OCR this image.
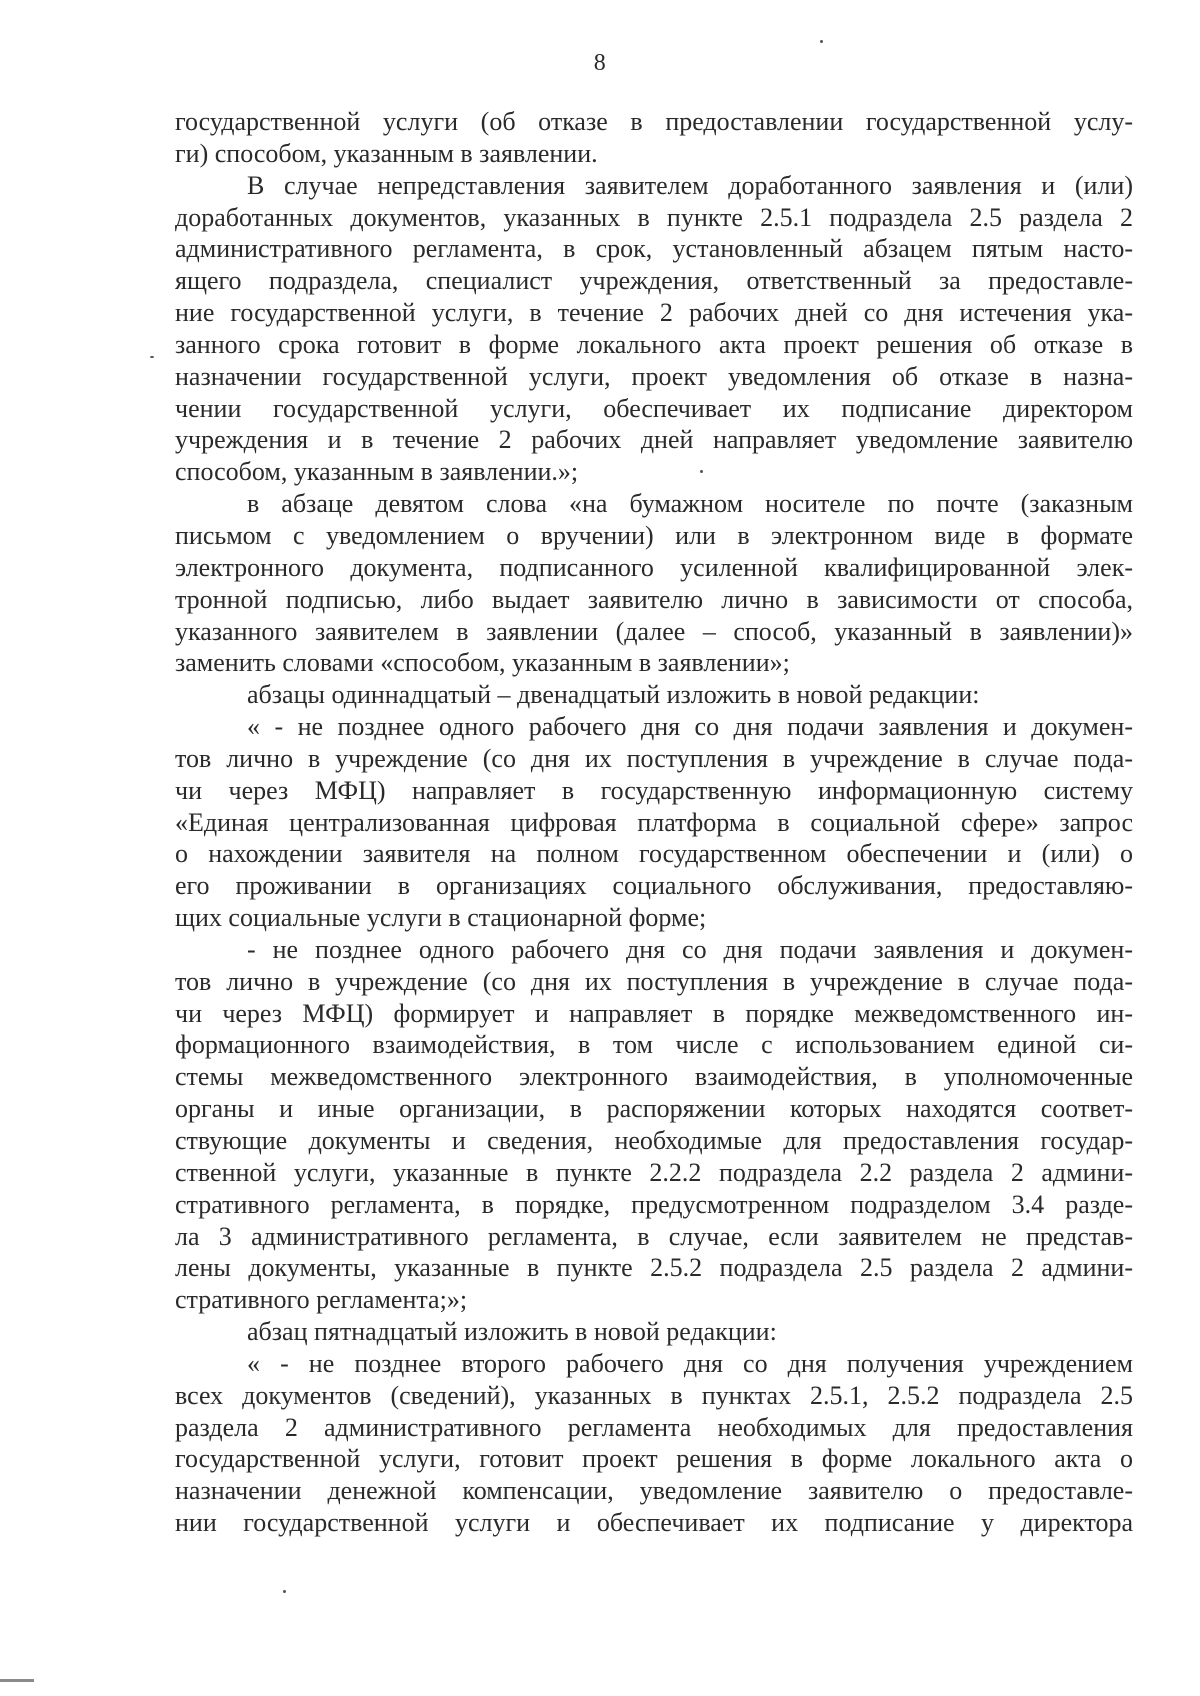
8
государственной услуги (об отказе в предоставлении государственной услу-
ги) способом, указанным в заявлении.
В случае непредставления заявителем доработанного заявления и (или)
доработанных документов, указанных в пункте 2.5.1 подраздела 2.5 раздела 2
административного регламента, в срок, установленный абзацем пятым насто-
ящего подраздела, специалист учреждения, ответственный за предоставле-
ние государственной услуги, в течение 2 рабочих дней со дня истечения ука-
занного срока готовит в форме локального акта проект решения об отказе в
назначении государственной услуги, проект уведомления об отказе в назна-
чении государственной услуги, обеспечивает их подписание директором
учреждения и в течение 2 рабочих дней направляет уведомление заявителю
способом, указанным в заявлении.»;
в абзаце девятом слова «на бумажном носителе по почте (заказным
письмом с уведомлением о вручении) или в электронном виде в формате
электронного документа, подписанного усиленной квалифицированной элек-
тронной подписью, либо выдает заявителю лично в зависимости от способа,
указанного заявителем в заявлении (далее – способ, указанный в заявлении)»
заменить словами «способом, указанным в заявлении»;
абзацы одиннадцатый – двенадцатый изложить в новой редакции:
« - не позднее одного рабочего дня со дня подачи заявления и докумен-
тов лично в учреждение (со дня их поступления в учреждение в случае пода-
чи через МФЦ) направляет в государственную информационную систему
«Единая централизованная цифровая платформа в социальной сфере» запрос
о нахождении заявителя на полном государственном обеспечении и (или) о
его проживании в организациях социального обслуживания, предоставляю-
щих социальные услуги в стационарной форме;
- не позднее одного рабочего дня со дня подачи заявления и докумен-
тов лично в учреждение (со дня их поступления в учреждение в случае пода-
чи через МФЦ) формирует и направляет в порядке межведомственного ин-
формационного взаимодействия, в том числе с использованием единой си-
стемы межведомственного электронного взаимодействия, в уполномоченные
органы и иные организации, в распоряжении которых находятся соответ-
ствующие документы и сведения, необходимые для предоставления государ-
ственной услуги, указанные в пункте 2.2.2 подраздела 2.2 раздела 2 админи-
стративного регламента, в порядке, предусмотренном подразделом 3.4 разде-
ла 3 административного регламента, в случае, если заявителем не представ-
лены документы, указанные в пункте 2.5.2 подраздела 2.5 раздела 2 админи-
стративного регламента;»;
абзац пятнадцатый изложить в новой редакции:
« - не позднее второго рабочего дня со дня получения учреждением
всех документов (сведений), указанных в пунктах 2.5.1, 2.5.2 подраздела 2.5
раздела 2 административного регламента необходимых для предоставления
государственной услуги, готовит проект решения в форме локального акта о
назначении денежной компенсации, уведомление заявителю о предоставле-
нии государственной услуги и обеспечивает их подписание у директора
